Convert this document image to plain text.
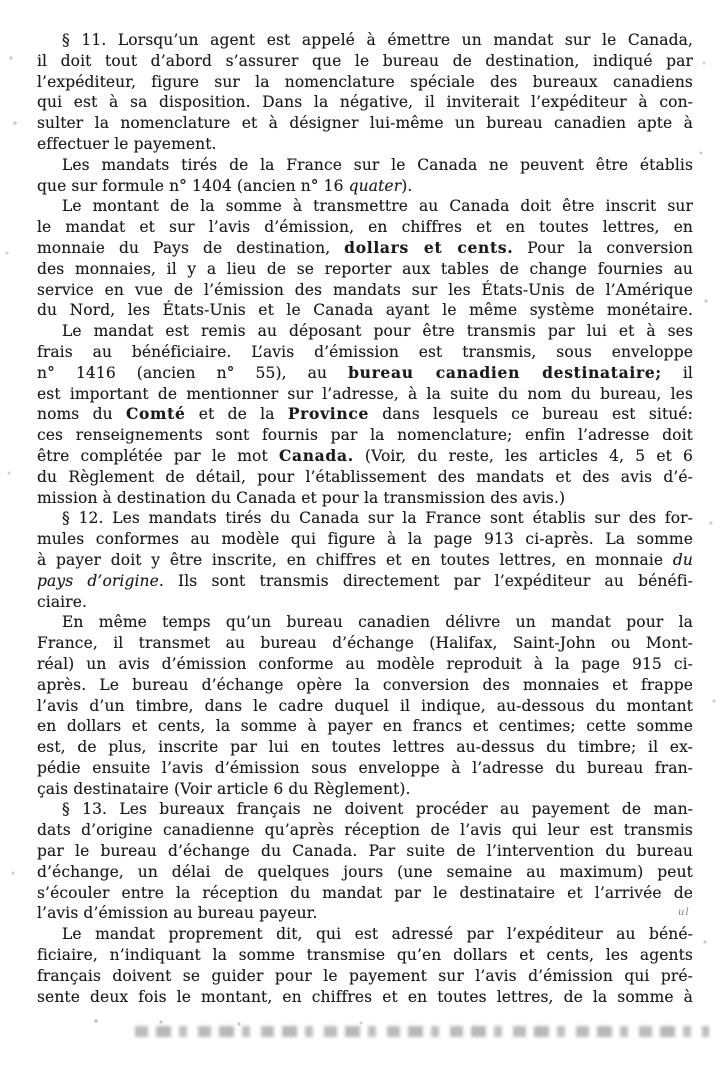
§ 11. Lorsqu’un agent est appelé à émettre un mandat sur le Canada,
il doit tout d’abord s’assurer que le bureau de destination, indiqué par
l’expéditeur, figure sur la nomenclature spéciale des bureaux canadiens
qui est à sa disposition. Dans la négative, il inviterait l’expéditeur à con-
sulter la nomenclature et à désigner lui-même un bureau canadien apte à
effectuer le payement.
Les mandats tirés de la France sur le Canada ne peuvent être établis
que sur formule n° 1404 (ancien n° 16 quater).
Le montant de la somme à transmettre au Canada doit être inscrit sur
le mandat et sur l’avis d’émission, en chiffres et en toutes lettres, en
monnaie du Pays de destination, dollars et cents. Pour la conversion
des monnaies, il y a lieu de se reporter aux tables de change fournies au
service en vue de l’émission des mandats sur les États-Unis de l’Amérique
du Nord, les États-Unis et le Canada ayant le même système monétaire.
Le mandat est remis au déposant pour être transmis par lui et à ses
frais au bénéficiaire. L’avis d’émission est transmis, sous enveloppe
n° 1416 (ancien n° 55), au bureau canadien destinataire; il
est important de mentionner sur l’adresse, à la suite du nom du bureau, les
noms du Comté et de la Province dans lesquels ce bureau est situé:
ces renseignements sont fournis par la nomenclature; enfin l’adresse doit
être complétée par le mot Canada. (Voir, du reste, les articles 4, 5 et 6
du Règlement de détail, pour l’établissement des mandats et des avis d’é-
mission à destination du Canada et pour la transmission des avis.)
§ 12. Les mandats tirés du Canada sur la France sont établis sur des for-
mules conformes au modèle qui figure à la page 913 ci-après. La somme
à payer doit y être inscrite, en chiffres et en toutes lettres, en monnaie du
pays d’origine. Ils sont transmis directement par l’expéditeur au bénéfi-
ciaire.
En même temps qu’un bureau canadien délivre un mandat pour la
France, il transmet au bureau d’échange (Halifax, Saint-John ou Mont-
réal) un avis d’émission conforme au modèle reproduit à la page 915 ci-
après. Le bureau d’échange opère la conversion des monnaies et frappe
l’avis d’un timbre, dans le cadre duquel il indique, au-dessous du montant
en dollars et cents, la somme à payer en francs et centimes; cette somme
est, de plus, inscrite par lui en toutes lettres au-dessus du timbre; il ex-
pédie ensuite l’avis d’émission sous enveloppe à l’adresse du bureau fran-
çais destinataire (Voir article 6 du Règlement).
§ 13. Les bureaux français ne doivent procéder au payement de man-
dats d’origine canadienne qu’après réception de l’avis qui leur est transmis
par le bureau d’échange du Canada. Par suite de l’intervention du bureau
d’échange, un délai de quelques jours (une semaine au maximum) peut
s’écouler entre la réception du mandat par le destinataire et l’arrivée de
l’avis d’émission au bureau payeur.
Le mandat proprement dit, qui est adressé par l’expéditeur au béné-
ficiaire, n’indiquant la somme transmise qu’en dollars et cents, les agents
français doivent se guider pour le payement sur l’avis d’émission qui pré-
sente deux fois le montant, en chiffres et en toutes lettres, de la somme à
ul
